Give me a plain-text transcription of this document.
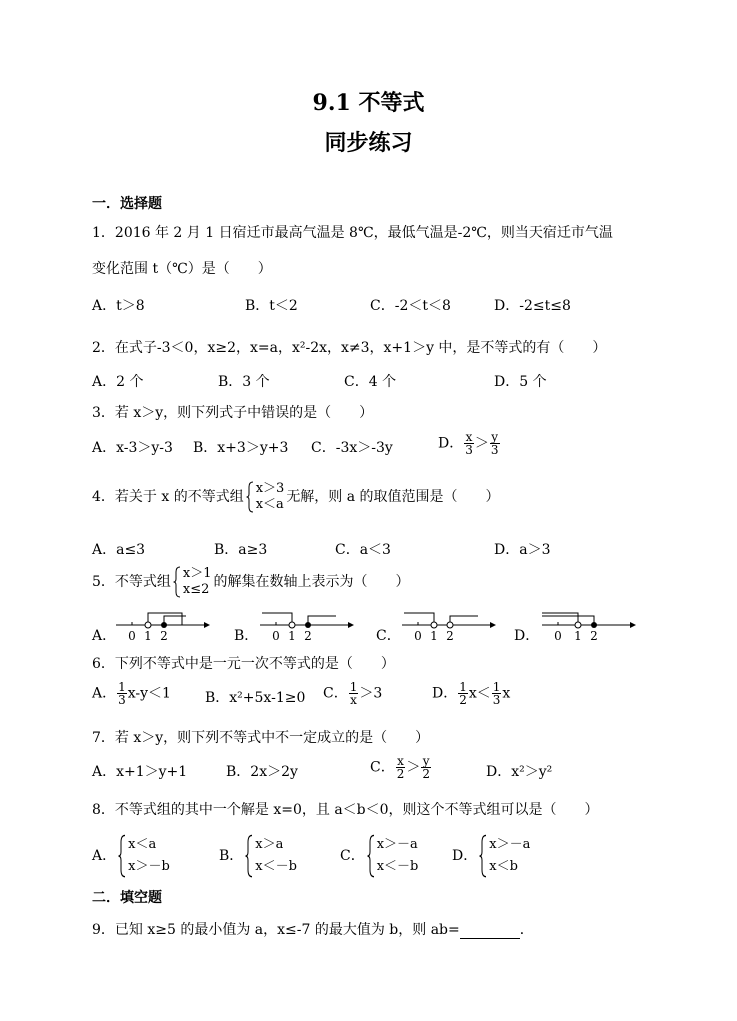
9.1 不等式
同步练习
一．选择题
1．2016 年 2 月 1 日宿迁市最高气温是 8℃，最低气温是-2℃，则当天宿迁市气温
变化范围 t（℃）是（　　）
A．t＞8	B．t＜2	C．-2＜t＜8	D．-2≤t≤8
2．在式子-3＜0，x≥2，x=a，x²-2x，x≠3，x+1＞y 中，是不等式的有（　　）
A．2 个	B．3 个	C．4 个	D．5 个
3．若 x＞y，则下列式子中错误的是（　　）
A．x-3＞y-3 B．x+3＞y+3 C．-3x＞-3y	D． $\frac{x}{3} > \frac{y}{3}$
4．若关于 x 的不等式组
x＞3
x＜a 无解，则 a 的取值范围是（　　）
A．a≤3	B．a≥3	C．a＜3	D．a＞3
5．不等式组
x＞1
x≤2 的解集在数轴上表示为（　　）
A． 0 1 2	B． 0 1 2	C． 0 1 2	D． 0 1 2
6．下列不等式中是一元一次不等式的是（　　）
A． $\frac{1}{3} x-y<1$ B．x²+5x-1≥0 C． $\frac{1}{x} >3$	D． $\frac{1}{2} x< \frac{1}{3}$ x
7．若 x＞y，则下列不等式中不一定成立的是（　　）
A．x+1＞y+1	B．2x＞2y	C． $\frac{x}{2} > \frac{y}{2}$	D．x²＞y²
8．不等式组的其中一个解是 x=0，且 a＜b＜0，则这个不等式组可以是（　　）
A．
x＜a
x＞－b
B．
x＞a
x＜－b
C．
x＞－a
x＜－b
D．
x＞－a
x＜b
二．填空题
9．已知 x≥5 的最小值为 a，x≤-7 的最大值为 b，则 ab=	．
